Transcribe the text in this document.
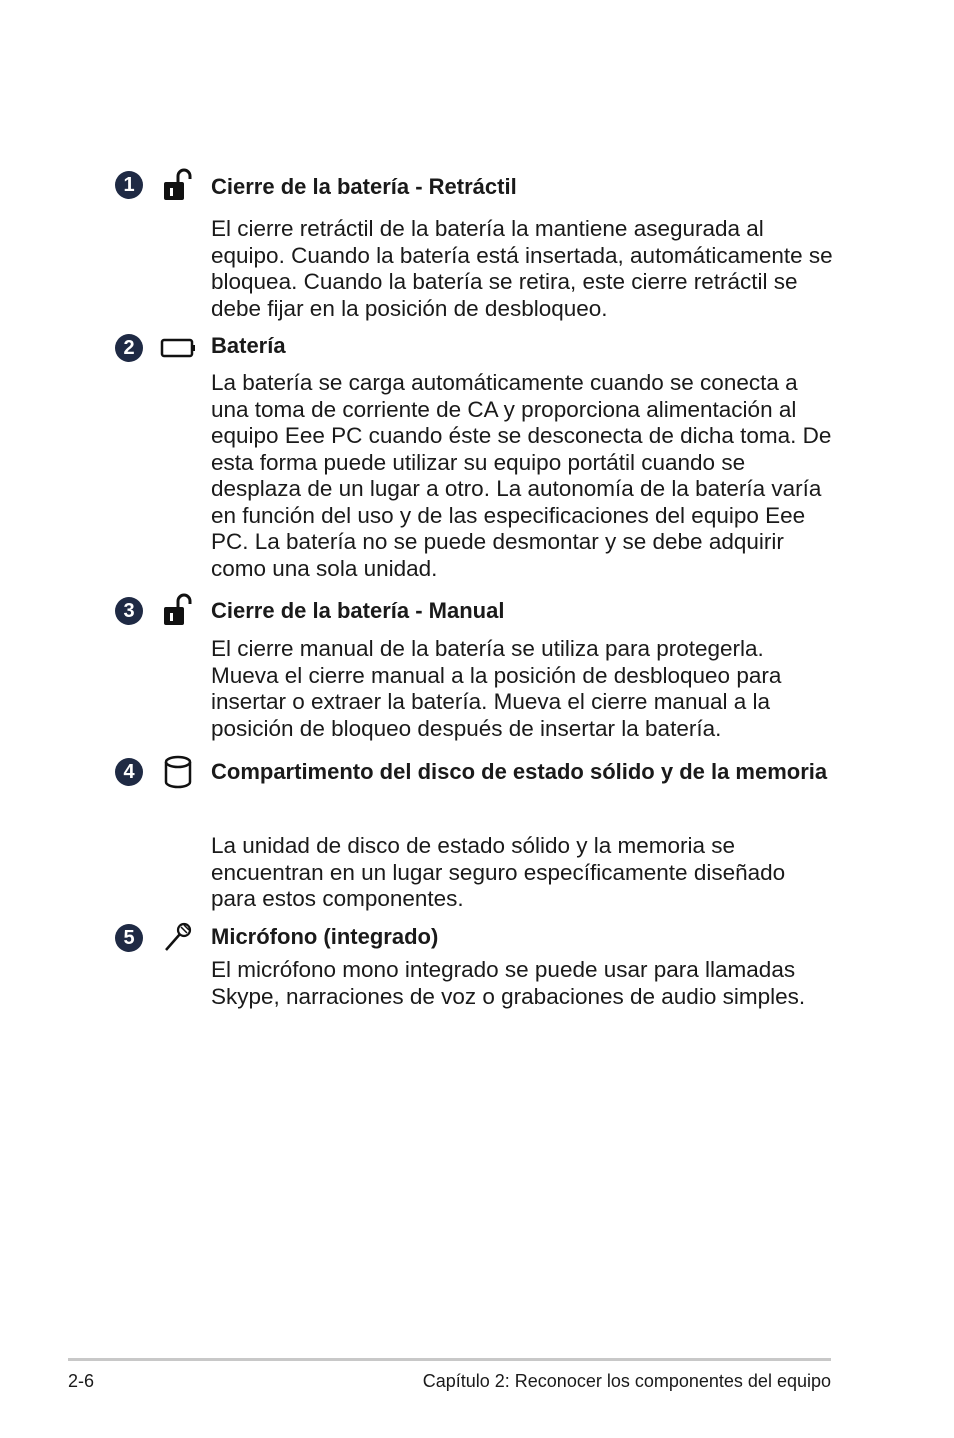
1	Cierre de la batería - Retráctil

El cierre retráctil de la batería la mantiene asegurada al equipo. Cuando la batería está insertada, automáticamente se bloquea. Cuando la batería se retira, este cierre retráctil se debe fijar en la posición de desbloqueo.

2	Batería

La batería se carga automáticamente cuando se conecta a una toma de corriente de CA y proporciona alimentación al equipo Eee PC cuando éste se desconecta de dicha toma. De esta forma puede utilizar su equipo portátil cuando se desplaza de un lugar a otro. La autonomía de la batería varía en función del uso y de las especificaciones del equipo Eee PC. La batería no se puede desmontar y se debe adquirir como una sola unidad.

3	Cierre de la batería - Manual

El cierre manual de la batería se utiliza para protegerla. Mueva el cierre manual a la posición de desbloqueo para insertar o extraer la batería. Mueva el cierre manual a la posición de bloqueo después de insertar la batería.

4	Compartimento del disco de estado sólido y de la memoria

La unidad de disco de estado sólido y la memoria se encuentran en un lugar seguro específicamente diseñado para estos componentes.

5	Micrófono (integrado)

El micrófono mono integrado se puede usar para llamadas Skype, narraciones de voz o grabaciones de audio simples.

2-6	Capítulo 2: Reconocer los componentes del equipo
